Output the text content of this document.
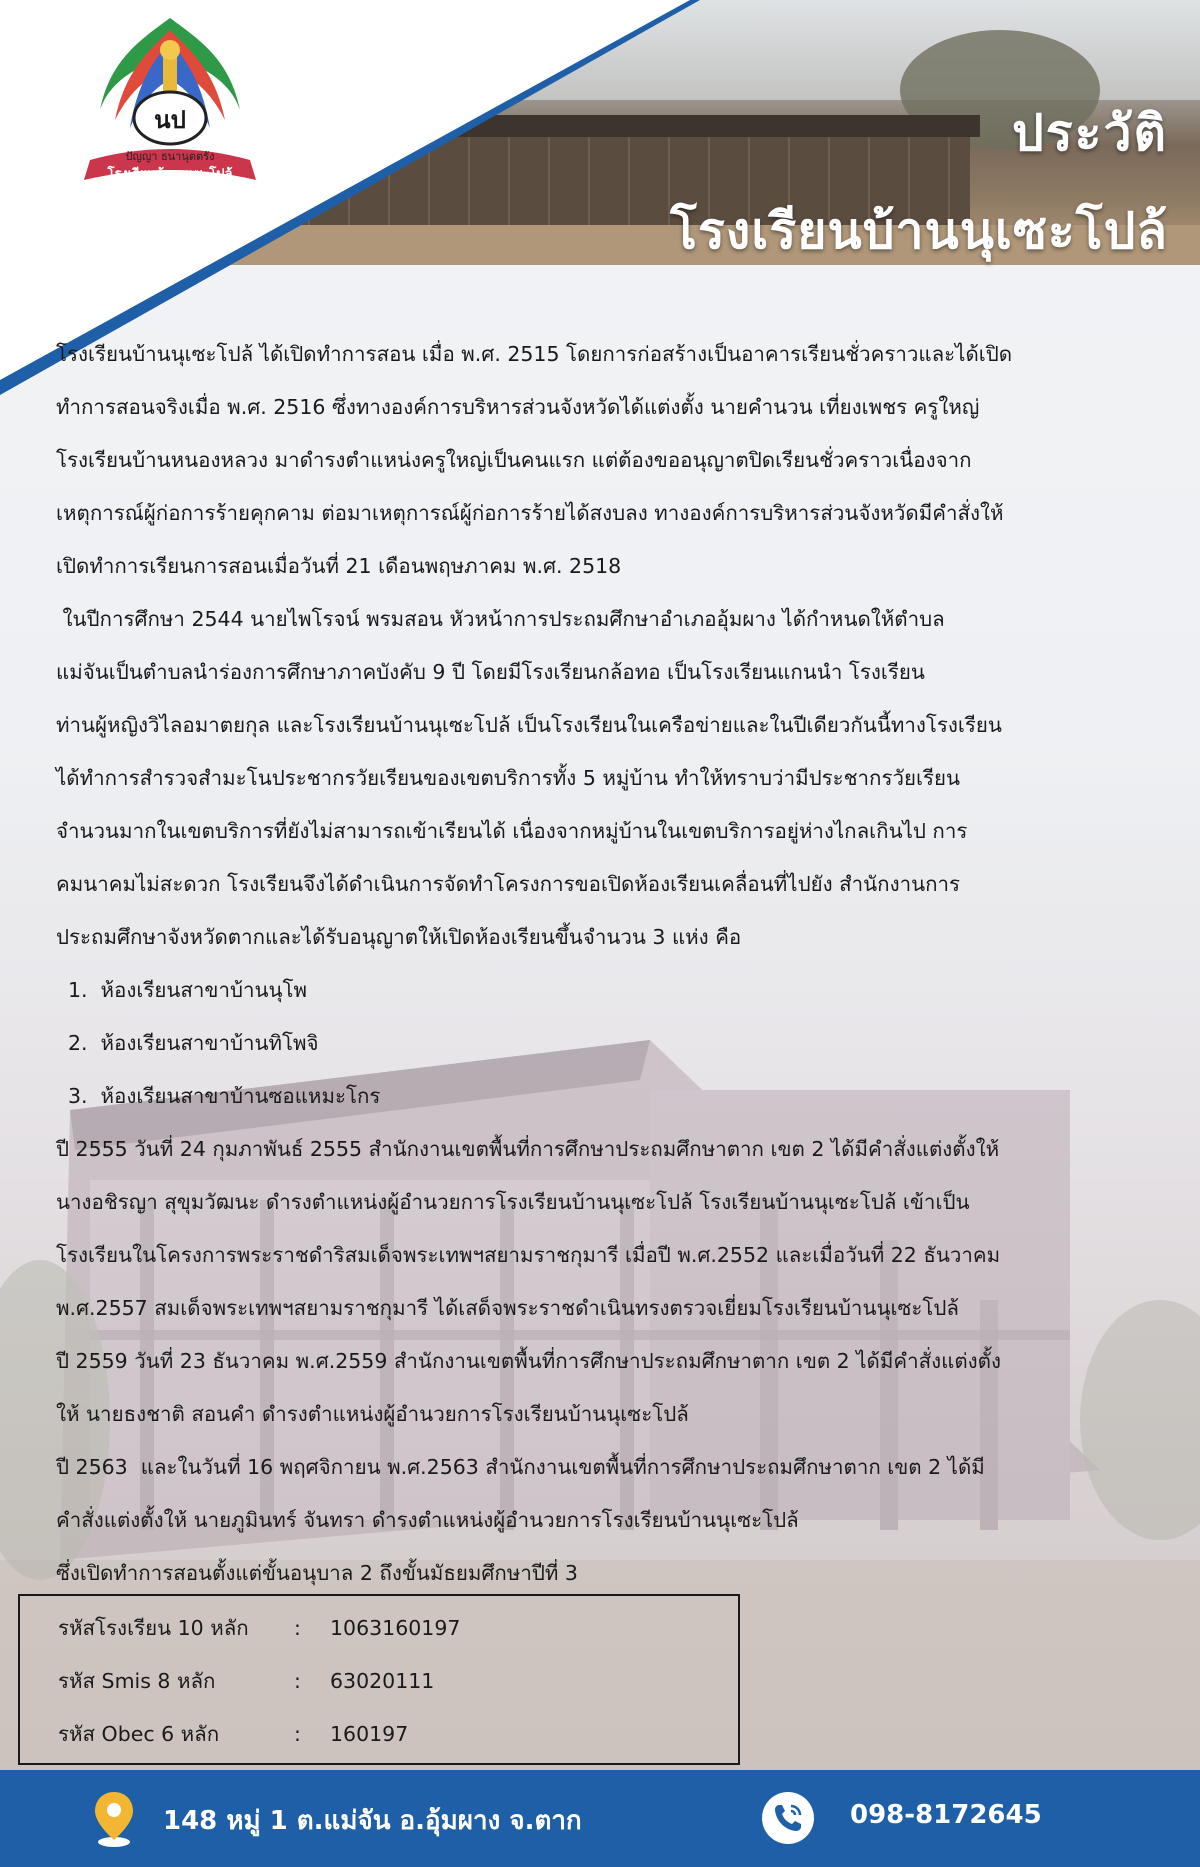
นป
ปัญญา ธนานุตตรัง
โรงเรียนบ้านนุเซะโปล้
ประวัติ
โรงเรียนบ้านนุเซะโปล้

โรงเรียนบ้านนุเซะโปล้ ได้เปิดทำการสอน เมื่อ พ.ศ. 2515 โดยการก่อสร้างเป็นอาคารเรียนชั่วคราวและได้เปิด
ทำการสอนจริงเมื่อ พ.ศ. 2516 ซึ่งทางองค์การบริหารส่วนจังหวัดได้แต่งตั้ง นายคำนวน เที่ยงเพชร ครูใหญ่
โรงเรียนบ้านหนองหลวง มาดำรงตำแหน่งครูใหญ่เป็นคนแรก แต่ต้องขออนุญาตปิดเรียนชั่วคราวเนื่องจาก
เหตุการณ์ผู้ก่อการร้ายคุกคาม ต่อมาเหตุการณ์ผู้ก่อการร้ายได้สงบลง ทางองค์การบริหารส่วนจังหวัดมีคำสั่งให้
เปิดทำการเรียนการสอนเมื่อวันที่ 21 เดือนพฤษภาคม พ.ศ. 2518

ในปีการศึกษา 2544 นายไพโรจน์ พรมสอน หัวหน้าการประถมศึกษาอำเภออุ้มผาง ได้กำหนดให้ตำบล
แม่จันเป็นตำบลนำร่องการศึกษาภาคบังคับ 9 ปี โดยมีโรงเรียนกล้อทอ เป็นโรงเรียนแกนนำ โรงเรียน
ท่านผู้หญิงวิไลอมาตยกุล และโรงเรียนบ้านนุเซะโปล้ เป็นโรงเรียนในเครือข่ายและในปีเดียวกันนี้ทางโรงเรียน
ได้ทำการสำรวจสำมะโนประชากรวัยเรียนของเขตบริการทั้ง 5 หมู่บ้าน ทำให้ทราบว่ามีประชากรวัยเรียน
จำนวนมากในเขตบริการที่ยังไม่สามารถเข้าเรียนได้ เนื่องจากหมู่บ้านในเขตบริการอยู่ห่างไกลเกินไป การ
คมนาคมไม่สะดวก โรงเรียนจึงได้ดำเนินการจัดทำโครงการขอเปิดห้องเรียนเคลื่อนที่ไปยัง สำนักงานการ
ประถมศึกษาจังหวัดตากและได้รับอนุญาตให้เปิดห้องเรียนขึ้นจำนวน 3 แห่ง คือ

1. ห้องเรียนสาขาบ้านนุโพ
2. ห้องเรียนสาขาบ้านทิโพจิ
3. ห้องเรียนสาขาบ้านซอแหมะโกร

ปี 2555 วันที่ 24 กุมภาพันธ์ 2555 สำนักงานเขตพื้นที่การศึกษาประถมศึกษาตาก เขต 2 ได้มีคำสั่งแต่งตั้งให้
นางอชิรญา สุขุมวัฒนะ ดำรงตำแหน่งผู้อำนวยการโรงเรียนบ้านนุเซะโปล้ โรงเรียนบ้านนุเซะโปล้ เข้าเป็น
โรงเรียนในโครงการพระราชดำริสมเด็จพระเทพฯสยามราชกุมารี เมื่อปี พ.ศ.2552 และเมื่อวันที่ 22 ธันวาคม
พ.ศ.2557 สมเด็จพระเทพฯสยามราชกุมารี ได้เสด็จพระราชดำเนินทรงตรวจเยี่ยมโรงเรียนบ้านนุเซะโปล้
ปี 2559 วันที่ 23 ธันวาคม พ.ศ.2559 สำนักงานเขตพื้นที่การศึกษาประถมศึกษาตาก เขต 2 ได้มีคำสั่งแต่งตั้ง
ให้ นายธงชาติ สอนคำ ดำรงตำแหน่งผู้อำนวยการโรงเรียนบ้านนุเซะโปล้
ปี 2563  และในวันที่ 16 พฤศจิกายน พ.ศ.2563 สำนักงานเขตพื้นที่การศึกษาประถมศึกษาตาก เขต 2 ได้มี
คำสั่งแต่งตั้งให้ นายภูมินทร์ จันทรา ดำรงตำแหน่งผู้อำนวยการโรงเรียนบ้านนุเซะโปล้
ซึ่งเปิดทำการสอนตั้งแต่ขั้นอนุบาล 2 ถึงขั้นมัธยมศึกษาปีที่ 3

รหัสโรงเรียน 10 หลัก : 1063160197
รหัส Smis 8 หลัก	: 63020111
รหัส Obec 6 หลัก	: 160197
148 หมู่ 1 ต.แม่จัน อ.อุ้มผาง จ.ตาก	098-8172645
